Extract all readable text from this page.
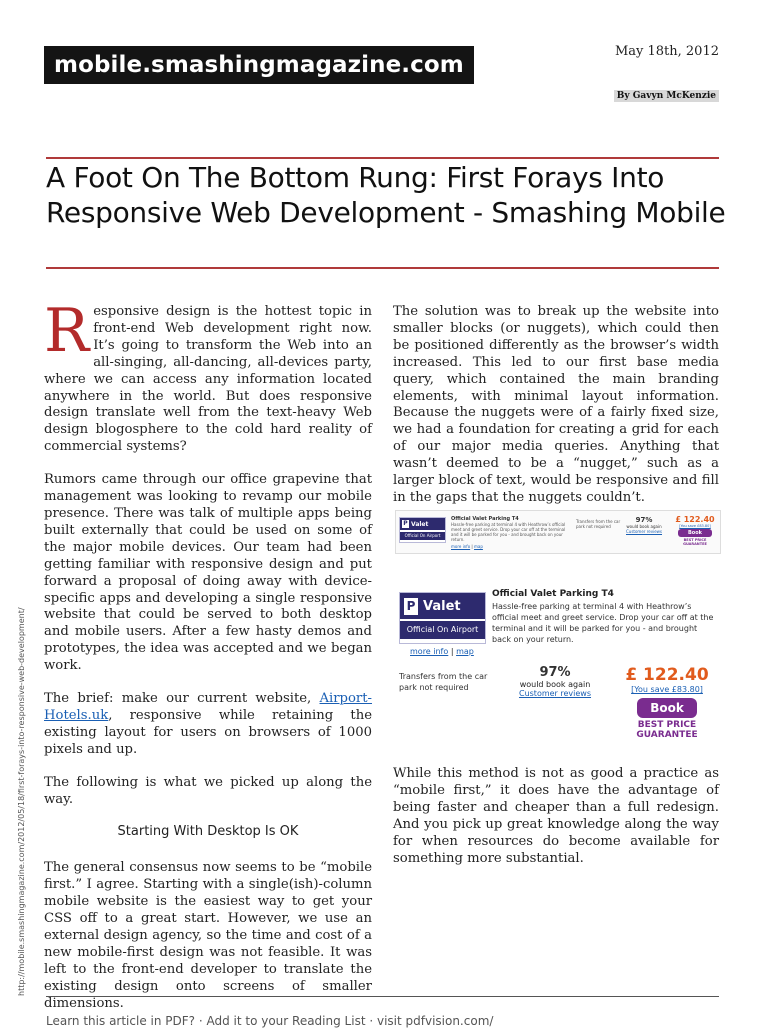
mobile.smashingmagazine.com
May 18th, 2012
By Gavyn McKenzie
A Foot On The Bottom Rung: First Forays Into Responsive Web Development - Smashing Mobile

Responsive design is the hottest topic in front-end Web development right now. It’s going to transform the Web into an all-singing, all-dancing, all-devices party, where we can access any information located anywhere in the world. But does responsive design translate well from the text-heavy Web design blogosphere to the cold hard reality of commercial systems?

Rumors came through our office grapevine that management was looking to revamp our mobile presence. There was talk of multiple apps being built externally that could be used on some of the major mobile devices. Our team had been getting familiar with responsive design and put forward a proposal of doing away with device-specific apps and developing a single responsive website that could be served to both desktop and mobile users. After a few hasty demos and prototypes, the idea was accepted and we began work.

The brief: make our current website, Airport-Hotels.uk, responsive while retaining the existing layout for users on browsers of 1000 pixels and up.

The following is what we picked up along the way.

Starting With Desktop Is OK

The general consensus now seems to be “mobile first.” I agree. Starting with a single(ish)-column mobile website is the easiest way to get your CSS off to a great start. However, we use an external design agency, so the time and cost of a new mobile-first design was not feasible. It was left to the front-end developer to translate the existing design onto screens of smaller dimensions.

The solution was to break up the website into smaller blocks (or nuggets), which could then be positioned differently as the browser’s width increased. This led to our first base media query, which contained the main branding elements, with minimal layout information. Because the nuggets were of a fairly fixed size, we had a foundation for creating a grid for each of our major media queries. Anything that wasn’t deemed to be a “nugget,” such as a larger block of text, would be responsive and fill in the gaps that the nuggets couldn’t.

P Valet
Official On Airport
Official Valet Parking T4
Hassle-free parking at terminal 4 with Heathrow’s official meet and greet service. Drop your car off at the terminal and it will be parked for you - and brought back on your return.
more info | map
Transfers from the car park not required
97%
would book again
Customer reviews
£ 122.40
[You save £83.80]
Book
BEST PRICE
GUARANTEE
P Valet
Official On Airport
Official Valet Parking T4
Hassle-free parking at terminal 4 with Heathrow’s official meet and greet service. Drop your car off at the terminal and it will be parked for you - and brought back on your return.
more info | map
Transfers from the car park not required
97%
would book again
Customer reviews
£ 122.40
[You save £83.80]
Book
BEST PRICE
GUARANTEE

While this method is not as good a practice as “mobile first,” it does have the advantage of being faster and cheaper than a full redesign. And you pick up great knowledge along the way for when resources do become available for something more substantial.

http://mobile.smashingmagazine.com/2012/05/18/first-forays-into-responsive-web-development/
Learn this article in PDF? · Add it to your Reading List · visit pdfvision.com/
